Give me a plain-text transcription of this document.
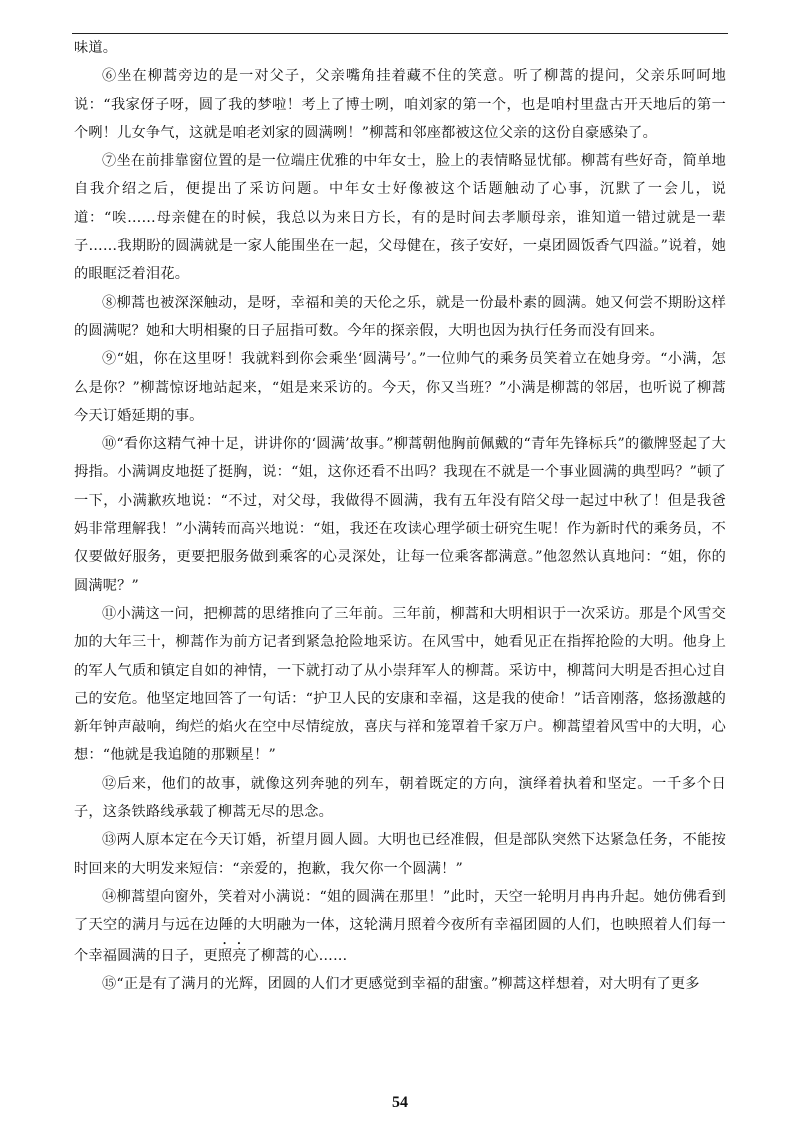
味道。

⑥坐在柳蒿旁边的是一对父子，父亲嘴角挂着藏不住的笑意。听了柳蒿的提问，父亲乐呵呵地说：“我家伢子呀，圆了我的梦啦！考上了博士咧，咱刘家的第一个，也是咱村里盘古开天地后的第一个咧！儿女争气，这就是咱老刘家的圆满咧！”柳蒿和邻座都被这位父亲的这份自豪感染了。

⑦坐在前排靠窗位置的是一位端庄优雅的中年女士，脸上的表情略显忧郁。柳蒿有些好奇，简单地自我介绍之后，便提出了采访问题。中年女士好像被这个话题触动了心事，沉默了一会儿，说道：“唉……母亲健在的时候，我总以为来日方长，有的是时间去孝顺母亲，谁知道一错过就是一辈子……我期盼的圆满就是一家人能围坐在一起，父母健在，孩子安好，一桌团圆饭香气四溢。”说着，她的眼眶泛着泪花。

⑧柳蒿也被深深触动，是呀，幸福和美的天伦之乐，就是一份最朴素的圆满。她又何尝不期盼这样的圆满呢？她和大明相聚的日子屈指可数。今年的探亲假，大明也因为执行任务而没有回来。

⑨“姐，你在这里呀！我就料到你会乘坐‘圆满号’。”一位帅气的乘务员笑着立在她身旁。“小满，怎么是你？”柳蒿惊讶地站起来，“姐是来采访的。今天，你又当班？”小满是柳蒿的邻居，也听说了柳蒿今天订婚延期的事。

⑩“看你这精气神十足，讲讲你的‘圆满’故事。”柳蒿朝他胸前佩戴的“青年先锋标兵”的徽牌竖起了大拇指。小满调皮地挺了挺胸，说：“姐，这你还看不出吗？我现在不就是一个事业圆满的典型吗？”顿了一下，小满歉疚地说：“不过，对父母，我做得不圆满，我有五年没有陪父母一起过中秋了！但是我爸妈非常理解我！”小满转而高兴地说：“姐，我还在攻读心理学硕士研究生呢！作为新时代的乘务员，不仅要做好服务，更要把服务做到乘客的心灵深处，让每一位乘客都满意。”他忽然认真地问：“姐，你的圆满呢？”

⑪小满这一问，把柳蒿的思绪推向了三年前。三年前，柳蒿和大明相识于一次采访。那是个风雪交加的大年三十，柳蒿作为前方记者到紧急抢险地采访。在风雪中，她看见正在指挥抢险的大明。他身上的军人气质和镇定自如的神情，一下就打动了从小崇拜军人的柳蒿。采访中，柳蒿问大明是否担心过自己的安危。他坚定地回答了一句话：“护卫人民的安康和幸福，这是我的使命！”话音刚落，悠扬激越的新年钟声敲响，绚烂的焰火在空中尽情绽放，喜庆与祥和笼罩着千家万户。柳蒿望着风雪中的大明，心想：“他就是我追随的那颗星！”

⑫后来，他们的故事，就像这列奔驰的列车，朝着既定的方向，演绎着执着和坚定。一千多个日子，这条铁路线承载了柳蒿无尽的思念。

⑬两人原本定在今天订婚，祈望月圆人圆。大明也已经准假，但是部队突然下达紧急任务，不能按时回来的大明发来短信：“亲爱的，抱歉，我欠你一个圆满！”

⑭柳蒿望向窗外，笑着对小满说：“姐的圆满在那里！”此时，天空一轮明月冉冉升起。她仿佛看到了天空的满月与远在边陲的大明融为一体，这轮满月照着今夜所有幸福团圆的人们，也映照着人们每一个幸福圆满的日子，更照亮了柳蒿的心……

⑮“正是有了满月的光辉，团圆的人们才更感觉到幸福的甜蜜。”柳蒿这样想着，对大明有了更多

54
